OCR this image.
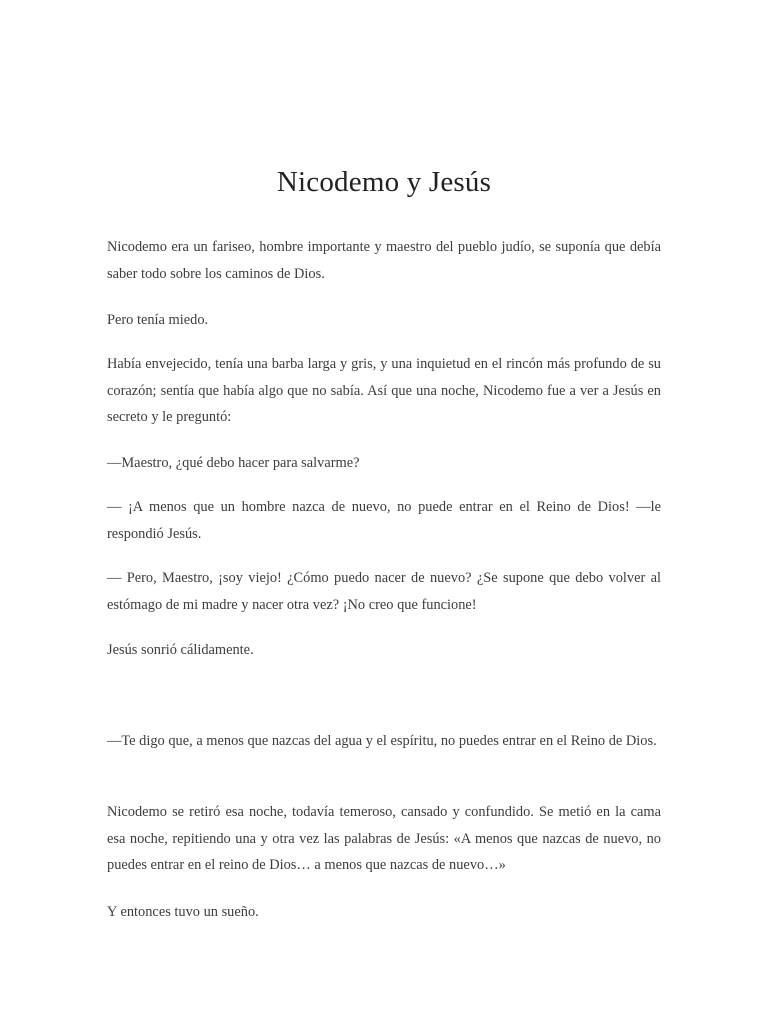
Nicodemo y Jesús

Nicodemo era un fariseo, hombre importante y maestro del pueblo judío, se suponía que debía saber todo sobre los caminos de Dios.

Pero tenía miedo.

Había envejecido, tenía una barba larga y gris, y una inquietud en el rincón más profundo de su corazón; sentía que había algo que no sabía. Así que una noche, Nicodemo fue a ver a Jesús en secreto y le preguntó:

—Maestro, ¿qué debo hacer para salvarme?

— ¡A menos que un hombre nazca de nuevo, no puede entrar en el Reino de Dios! —le respondió Jesús.

— Pero, Maestro, ¡soy viejo! ¿Cómo puedo nacer de nuevo? ¿Se supone que debo volver al estómago de mi madre y nacer otra vez? ¡No creo que funcione!

Jesús sonrió cálidamente.

—Te digo que, a menos que nazcas del agua y el espíritu, no puedes entrar en el Reino de Dios.

Nicodemo se retiró esa noche, todavía temeroso, cansado y confundido. Se metió en la cama esa noche, repitiendo una y otra vez las palabras de Jesús: «A menos que nazcas de nuevo, no puedes entrar en el reino de Dios… a menos que nazcas de nuevo…»

Y entonces tuvo un sueño.
